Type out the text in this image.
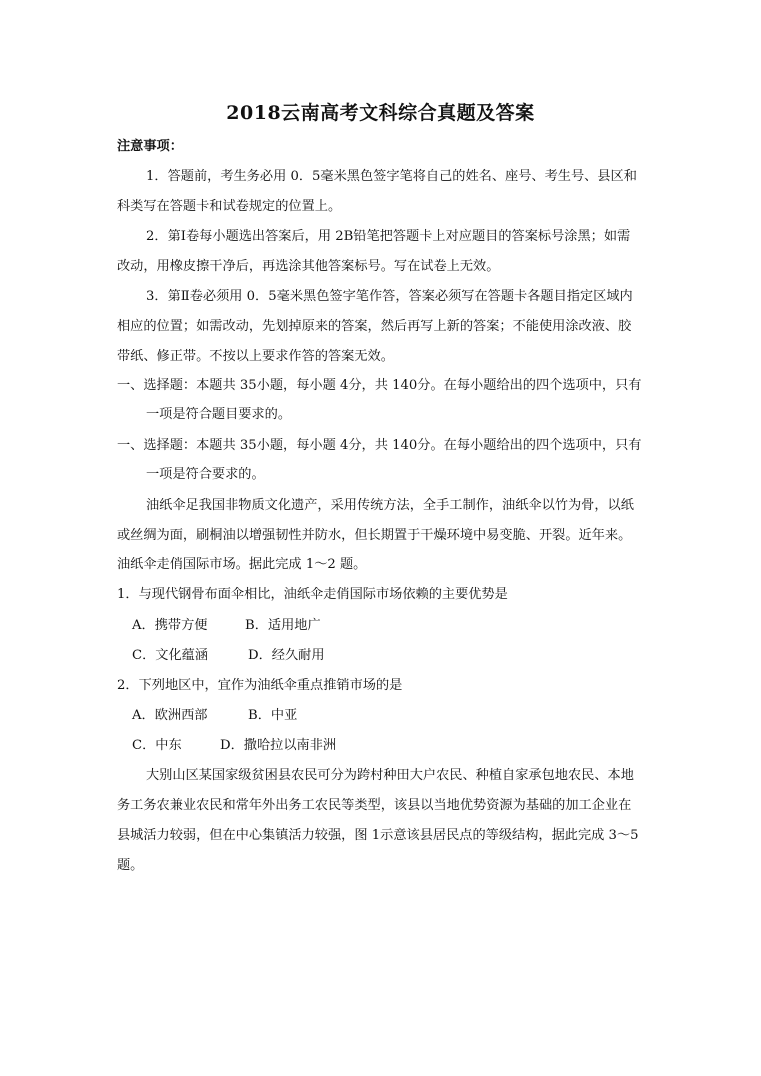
2018云南高考文科综合真题及答案
注意事项：
1．答题前，考生务必用 0．5毫米黑色签字笔将自己的姓名、座号、考生号、县区和
科类写在答题卡和试卷规定的位置上。
2．第Ⅰ卷每小题选出答案后，用 2B铅笔把答题卡上对应题目的答案标号涂黑；如需
改动，用橡皮擦干净后，再选涂其他答案标号。写在试卷上无效。
3．第Ⅱ卷必须用 0．5毫米黑色签字笔作答，答案必须写在答题卡各题目指定区域内
相应的位置；如需改动，先划掉原来的答案，然后再写上新的答案；不能使用涂改液、胶
带纸、修正带。不按以上要求作答的答案无效。
一、选择题：本题共 35小题，每小题 4分，共 140分。在每小题给出的四个选项中，只有
一项是符合题目要求的。
一、选择题：本题共 35小题，每小题 4分，共 140分。在每小题给出的四个选项中，只有
一项是符合要求的。
油纸伞足我国非物质文化遗产，采用传统方法，全手工制作，油纸伞以竹为骨，以纸
或丝绸为面，刷桐油以增强韧性并防水，但长期置于干燥环境中易变脆、开裂。近年来。
油纸伞走俏国际市场。据此完成 1～2 题。
1．与现代钢骨布面伞相比，油纸伞走俏国际市场依赖的主要优势是
A．携带方便	B．适用地广
C．文化蕴涵	D．经久耐用
2．下列地区中，宜作为油纸伞重点推销市场的是
A．欧洲西部	B．中亚
C．中东	D．撒哈拉以南非洲
大别山区某国家级贫困县农民可分为跨村种田大户农民、种植自家承包地农民、本地
务工务农兼业农民和常年外出务工农民等类型，该县以当地优势资源为基础的加工企业在
县城活力较弱，但在中心集镇活力较强，图 1示意该县居民点的等级结构，据此完成 3～5
题。
